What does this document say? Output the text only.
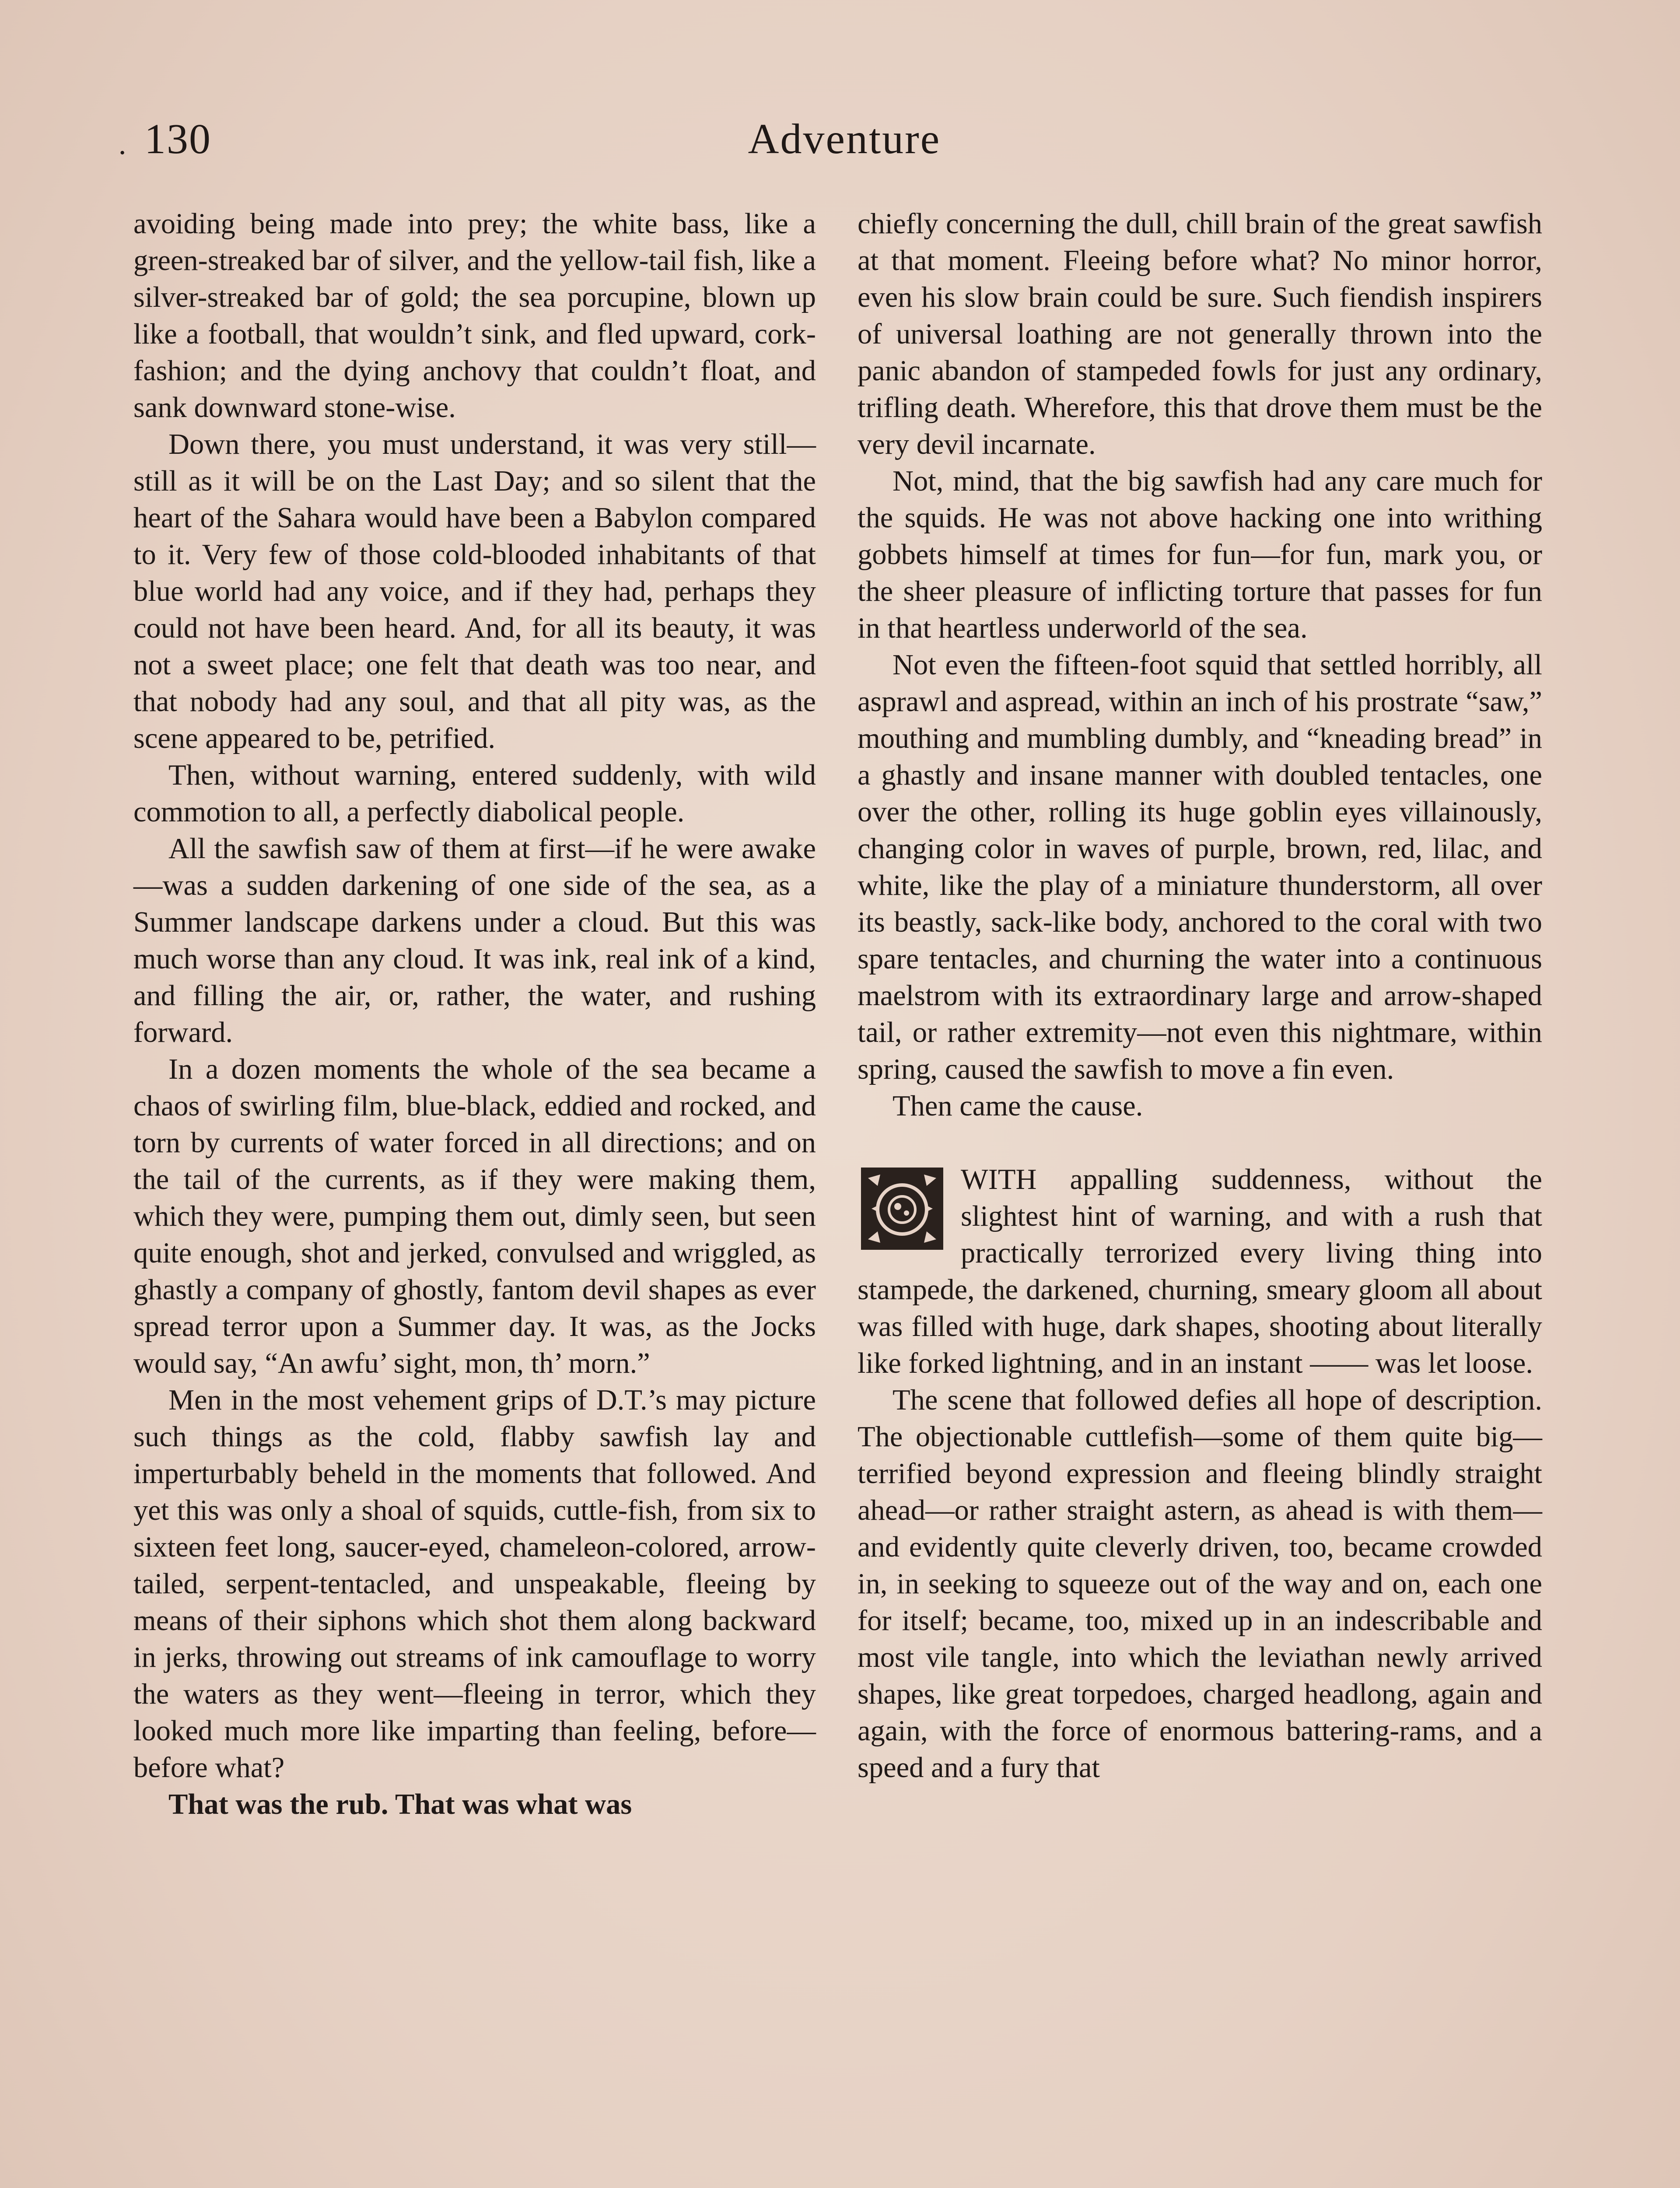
· 130	Adventure

avoiding being made into prey; the white bass, like a green-streaked bar of silver, and the yellow-tail fish, like a silver-streaked bar of gold; the sea porcupine, blown up like a football, that wouldn’t sink, and fled upward, cork-fashion; and the dying anchovy that couldn’t float, and sank downward stone-wise.

Down there, you must understand, it was very still—still as it will be on the Last Day; and so silent that the heart of the Sahara would have been a Babylon compared to it. Very few of those cold-blooded inhabitants of that blue world had any voice, and if they had, perhaps they could not have been heard. And, for all its beauty, it was not a sweet place; one felt that death was too near, and that nobody had any soul, and that all pity was, as the scene appeared to be, petrified.

Then, without warning, entered suddenly, with wild commotion to all, a perfectly diabolical people.

All the sawfish saw of them at first—if he were awake—was a sudden darkening of one side of the sea, as a Summer landscape darkens under a cloud. But this was much worse than any cloud. It was ink, real ink of a kind, and filling the air, or, rather, the water, and rushing forward.

In a dozen moments the whole of the sea became a chaos of swirling film, blue-black, eddied and rocked, and torn by currents of water forced in all directions; and on the tail of the currents, as if they were making them, which they were, pumping them out, dimly seen, but seen quite enough, shot and jerked, convulsed and wriggled, as ghastly a company of ghostly, fantom devil shapes as ever spread terror upon a Summer day. It was, as the Jocks would say, “An awfu’ sight, mon, th’ morn.”

Men in the most vehement grips of D.T.’s may picture such things as the cold, flabby sawfish lay and imperturbably beheld in the moments that followed. And yet this was only a shoal of squids, cuttle-fish, from six to sixteen feet long, saucer-eyed, chameleon-colored, arrow-tailed, serpent-tentacled, and unspeakable, fleeing by means of their siphons which shot them along backward in jerks, throwing out streams of ink camouflage to worry the waters as they went—fleeing in terror, which they looked much more like imparting than feeling, before—before what?

That was the rub. That was what was

chiefly concerning the dull, chill brain of the great sawfish at that moment. Fleeing before what? No minor horror, even his slow brain could be sure. Such fiendish inspirers of universal loathing are not generally thrown into the panic abandon of stampeded fowls for just any ordinary, trifling death. Wherefore, this that drove them must be the very devil incarnate.

Not, mind, that the big sawfish had any care much for the squids. He was not above hacking one into writhing gobbets himself at times for fun—for fun, mark you, or the sheer pleasure of inflicting torture that passes for fun in that heartless underworld of the sea.

Not even the fifteen-foot squid that settled horribly, all asprawl and aspread, within an inch of his prostrate “saw,” mouthing and mumbling dumbly, and “kneading bread” in a ghastly and insane manner with doubled tentacles, one over the other, rolling its huge goblin eyes villainously, changing color in waves of purple, brown, red, lilac, and white, like the play of a miniature thunderstorm, all over its beastly, sack-like body, anchored to the coral with two spare tentacles, and churning the water into a continuous maelstrom with its extraordinary large and arrow-shaped tail, or rather extremity—not even this nightmare, within spring, caused the sawfish to move a fin even.

Then came the cause.

WITH appalling suddenness, without the slightest hint of warning, and with a rush that practically terrorized every living thing into stampede, the darkened, churning, smeary gloom all about was filled with huge, dark shapes, shooting about literally like forked lightning, and in an instant —— was let loose.

The scene that followed defies all hope of description. The objectionable cuttlefish—some of them quite big—terrified beyond expression and fleeing blindly straight ahead—or rather straight astern, as ahead is with them—and evidently quite cleverly driven, too, became crowded in, in seeking to squeeze out of the way and on, each one for itself; became, too, mixed up in an indescribable and most vile tangle, into which the leviathan newly arrived shapes, like great torpedoes, charged headlong, again and again, with the force of enormous battering-rams, and a speed and a fury that
